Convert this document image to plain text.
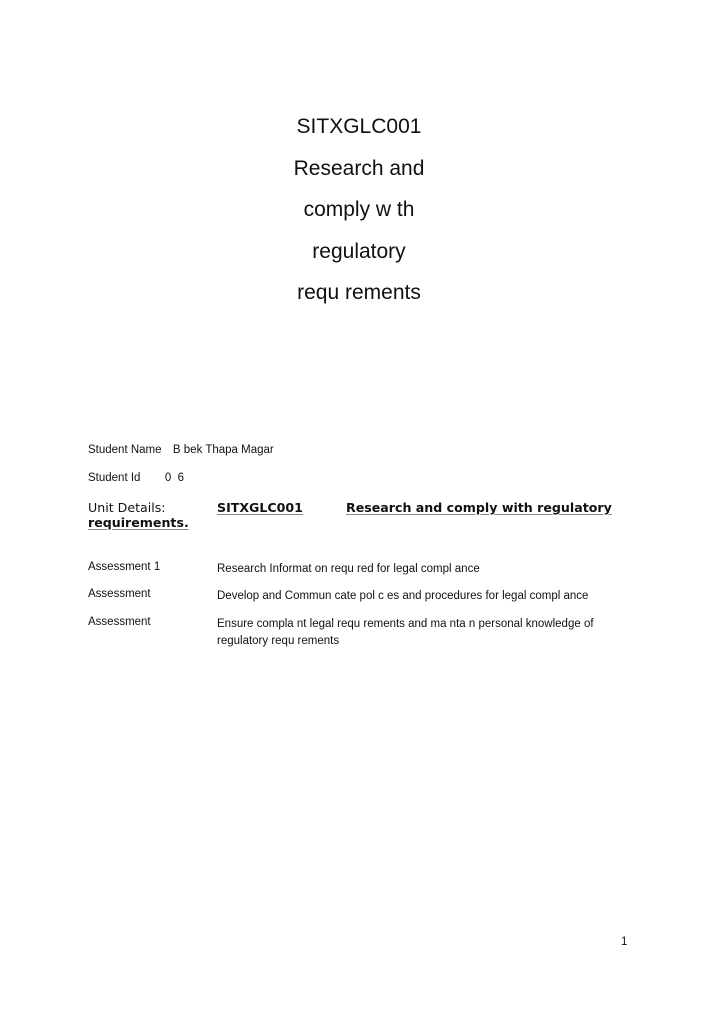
SITXGLC001
Research and
comply w th
regulatory
requ rements
Student Name B bek Thapa Magar
Student Id 0  6
Unit Details:	SITXGLC001	Research and comply with regulatory
requirements.
Assessment 1	Research Informat on requ red for legal compl ance
Assessment	Develop and Commun cate pol c es and procedures for legal compl ance
Assessment	Ensure compla nt legal requ rements and ma nta n personal knowledge of regulatory requ rements
1
